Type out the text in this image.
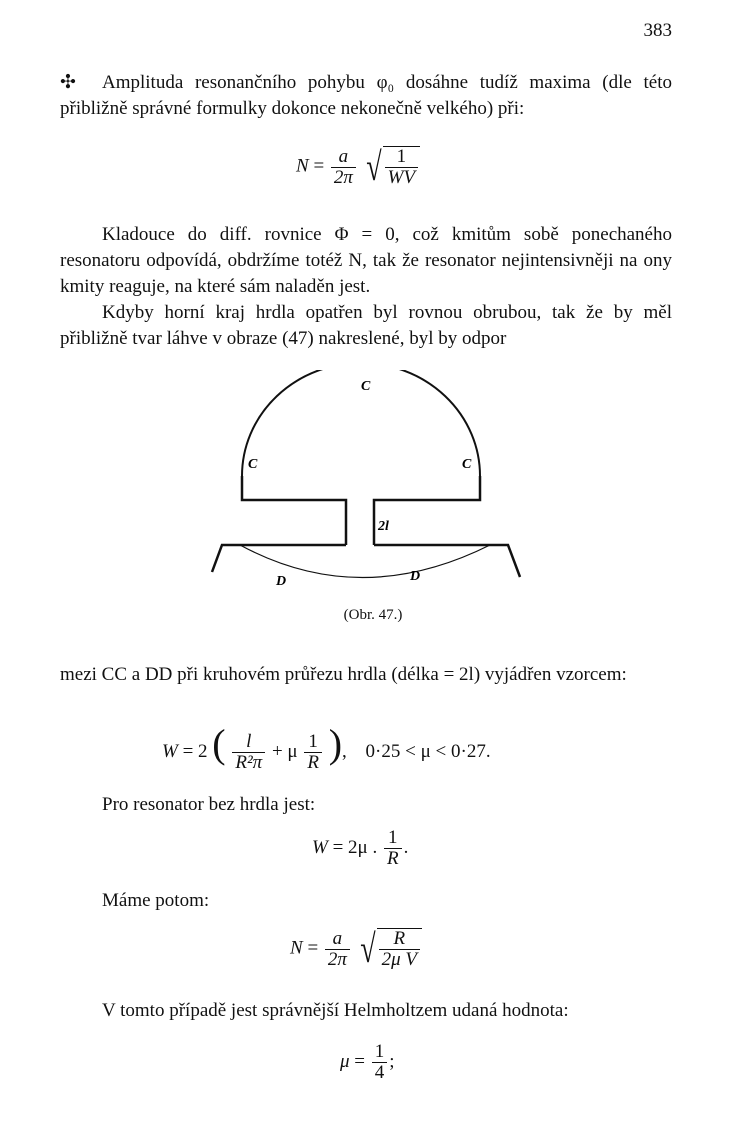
383
✣	Amplituda resonančního pohybu φ₀ dosáhne tudíž maxima (dle této přibližně správné formulky dokonce nekonečně velkého) při:
$N = \frac{a}{2\pi}$
√ $\frac{1}{WV}$
Kladouce do diff. rovnice Φ = 0, což kmitům sobě ponechaného resonatoru odpovídá, obdržíme totéž N, tak že resonator nejintensivněji na ony kmity reaguje, na které sám naladěn jest.
Kdyby horní kraj hrdla opatřen byl rovnou obrubou, tak že by měl přibližně tvar láhve v obraze (47) nakreslené, byl by odpor
C
C	C
2l
D	D
(Obr. 47.)
mezi CC a DD při kruhovém průřezu hrdla (délka = 2l) vyjádřen vzorcem:
W = 2 ( $\frac{l}{\text{R²π}} + \mu \frac{1}{R}$ ), 0·25 < μ < 0·27.
Pro resonator bez hrdla jest:
W = 2μ . $\frac{1}{R}$ .
Máme potom:
$N = \frac{a}{2\pi}$
√ $\frac{R}{\text{2μ V}}$
V tomto případě jest správnější Helmholtzem udaná hodnota:
$\mu = \frac{1}{4}$ ;
